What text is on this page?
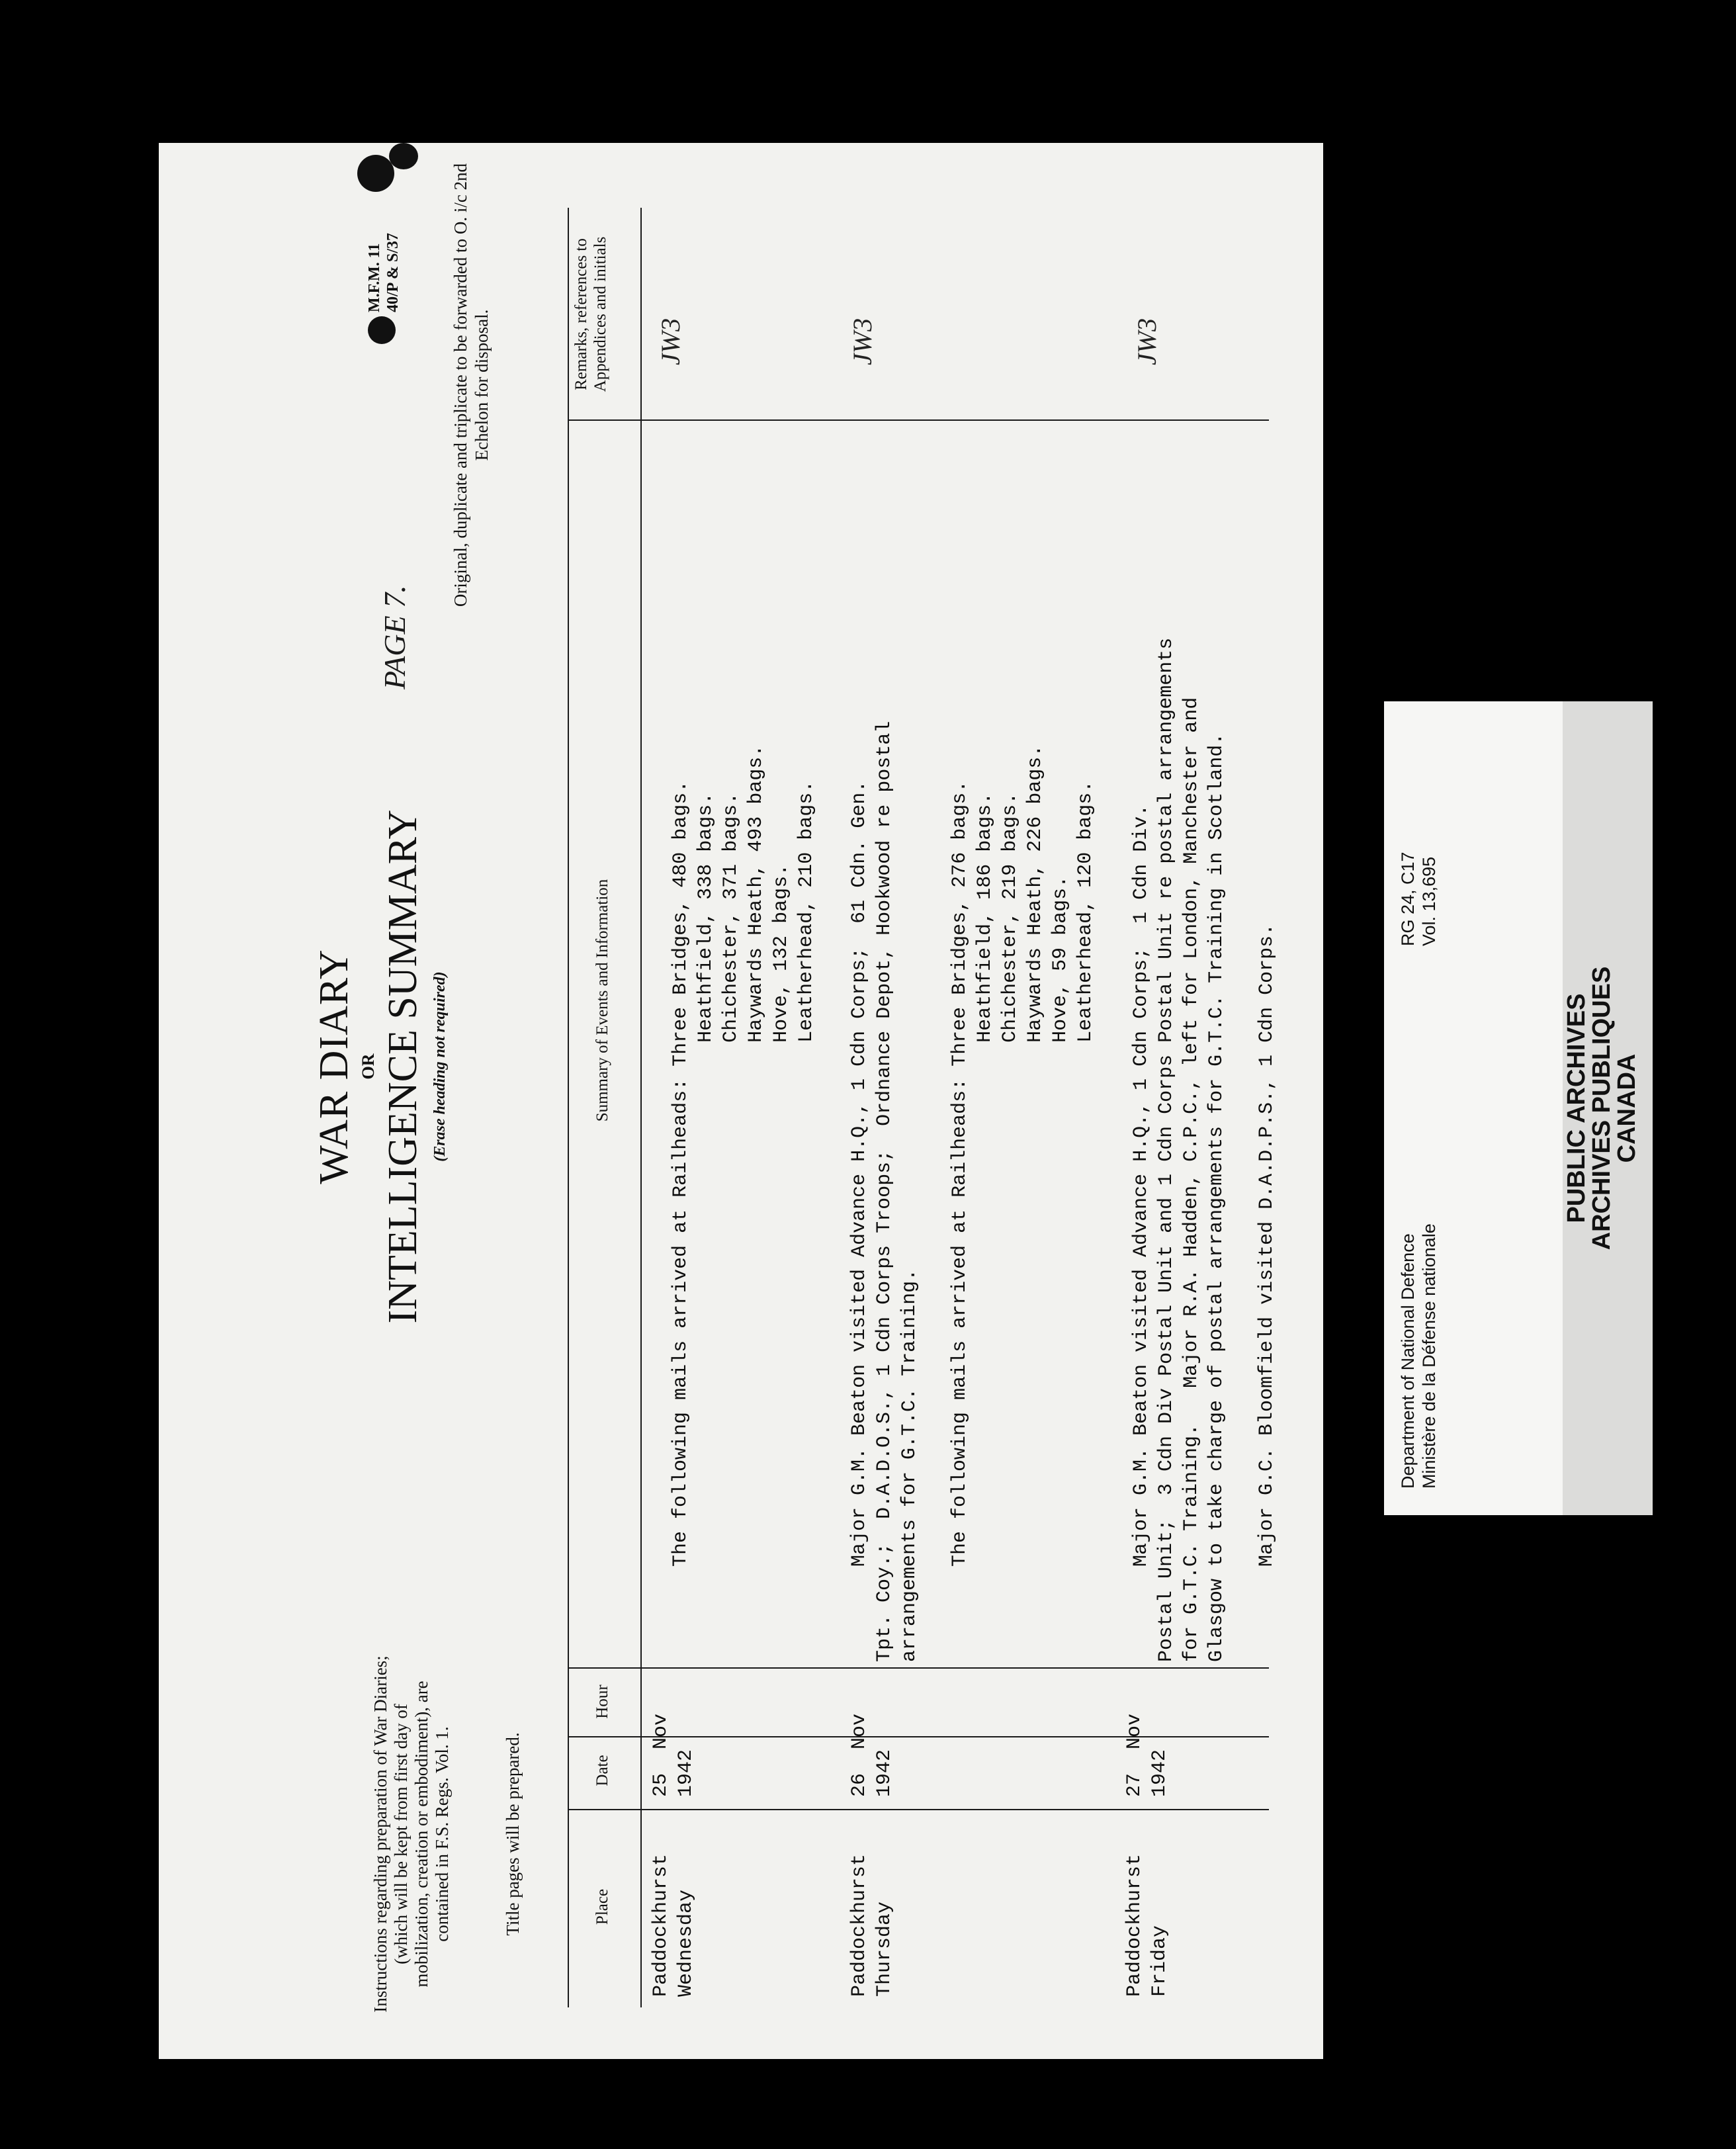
PAGE 7.
M.F.M. 11 40/P & S/37	Original, duplicate and triplicate to be forwarded to O. i/c 2nd Echelon for disposal.
Instructions regarding preparation of War Diaries; (which will be kept from first day of mobilization, creation or embodiment), are contained in F.S. Regs. Vol. 1.	Title pages will be prepared.
WAR DIARY OR INTELLIGENCE SUMMARY (Erase heading not required)
Place
Date
Hour
Summary of Events and Information
Remarks, references to Appendices and initials
Paddockhurst
Wednesday
25  Nov
1942
The following mails arrived at Railheads: Three Bridges, 480 bags.
Heathfield, 338 bags.
Chichester, 371 bags.
Haywards Heath, 493 bags.
Hove, 132 bags.
Leatherhead, 210 bags.
JW3
Paddockhurst
Thursday
26  Nov
1942
Major G.M. Beaton visited Advance H.Q., 1 Cdn Corps;  61 Cdn. Gen.
Tpt. Coy.;  D.A.D.O.S., 1 Cdn Corps Troops;  Ordnance Depot, Hookwood re postal
arrangements for G.T.C. Training.

The following mails arrived at Railheads: Three Bridges, 276 bags.
Heathfield, 186 bags.
Chichester, 219 bags.
Haywards Heath, 226 bags.
Hove, 59 bags.
Leatherhead, 120 bags.
JW3
Paddockhurst
Friday
27  Nov
1942
Major G.M. Beaton visited Advance H.Q., 1 Cdn Corps;  1 Cdn Div.
Postal Unit;  3 Cdn Div Postal Unit and 1 Cdn Corps Postal Unit re postal arrangements
for G.T.C. Training.   Major R.A. Hadden, C.P.C., left for London, Manchester and
Glasgow to take charge of postal arrangements for G.T.C. Training in Scotland.

Major G.C. Bloomfield visited D.A.D.P.S., 1 Cdn Corps.
JW3
Department of National Defence Ministère de la Défense nationale
RG 24, C17 Vol. 13,695
PUBLIC ARCHIVES
ARCHIVES PUBLIQUES
CANADA
